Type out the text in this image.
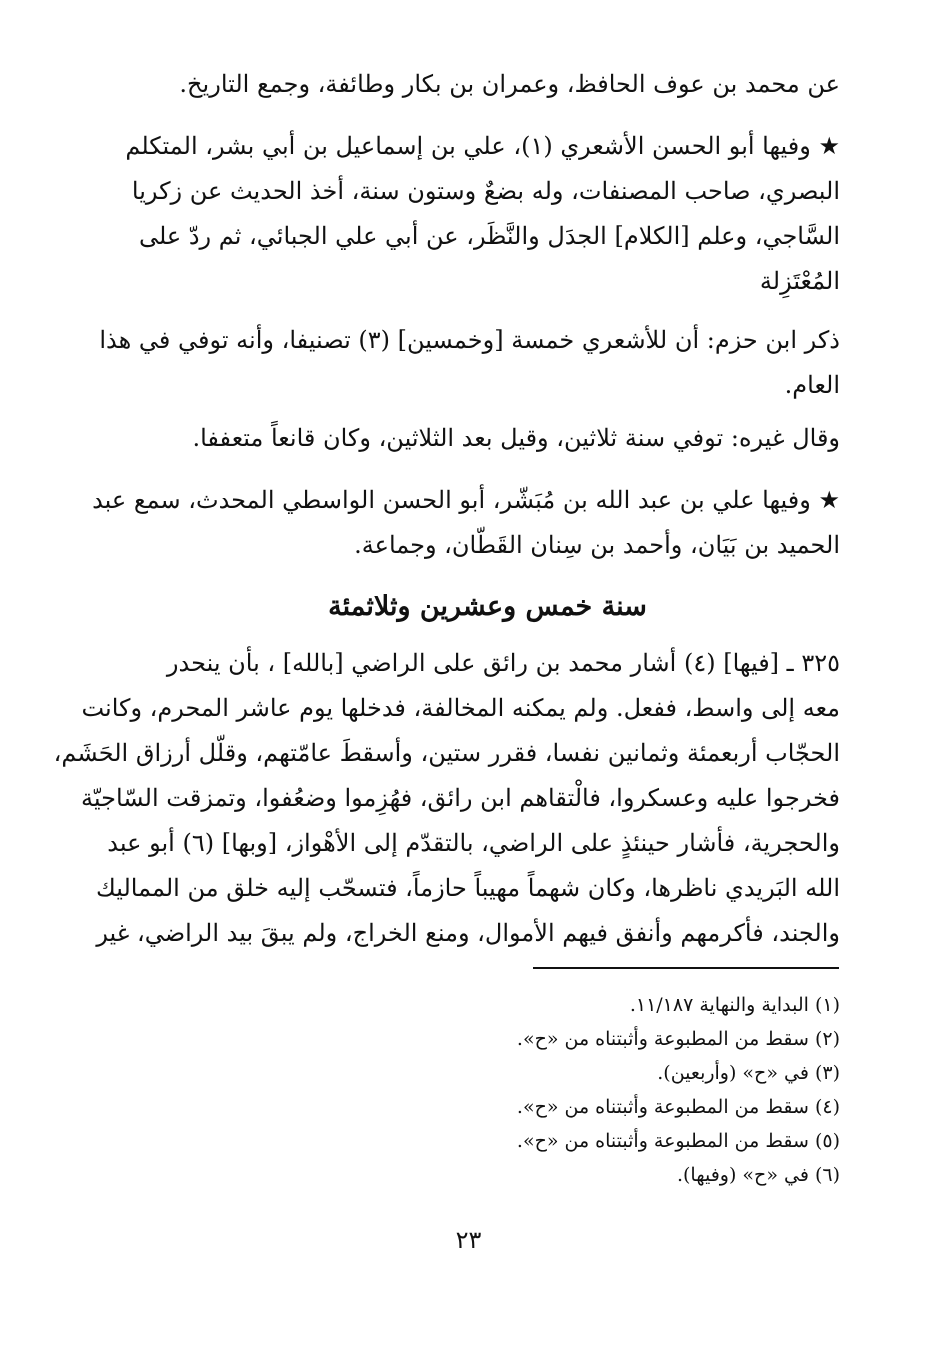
عن محمد بن عوف الحافظ، وعمران بن بكار وطائفة، وجمع التاريخ.
★ وفيها أبو الحسن الأشعري (١)، علي بن إسماعيل بن أبي بشر، المتكلم
البصري، صاحب المصنفات، وله بضعٌ وستون سنة، أخذ الحديث عن زكريا
السَّاجي، وعلم [الكلام] الجدَل والنَّظَر، عن أبي علي الجبائي، ثم ردّ على
المُعْتَزِلة
ذكر ابن حزم: أن للأشعري خمسة [وخمسين] (٣) تصنيفا، وأنه توفي في هذا
العام.
وقال غيره: توفي سنة ثلاثين، وقيل بعد الثلاثين، وكان قانعاً متعففا.
★ وفيها علي بن عبد الله بن مُبَشّر، أبو الحسن الواسطي المحدث، سمع عبد
الحميد بن بَيَان، وأحمد بن سِنان القَطّان، وجماعة.
سنة خمس وعشرين وثلاثمئة
٣٢٥ ـ [فيها] (٤) أشار محمد بن رائق على الراضي [بالله] ، بأن ينحدر
معه إلى واسط، ففعل. ولم يمكنه المخالفة، فدخلها يوم عاشر المحرم، وكانت
الحجّاب أربعمئة وثمانين نفسا، فقرر ستين، وأسقطَ عامّتهم، وقلّل أرزاق الحَشَم،
فخرجوا عليه وعسكروا، فالْتقاهم ابن رائق، فهُزِموا وضعُفوا، وتمزقت السّاجيّة
والحجرية، فأشار حينئذٍ على الراضي، بالتقدّم إلى الأهْواز، [وبها] (٦) أبو عبد
الله البَريدي ناظرها، وكان شهماً مهيباً حازماً، فتسحّب إليه خلق من المماليك
والجند، فأكرمهم وأنفق فيهم الأموال، ومنع الخراج، ولم يبقَ بيد الراضي، غير
(١) البداية والنهاية ١١/١٨٧.
(٢) سقط من المطبوعة وأثبتناه من «ح».
(٣) في «ح» (وأربعين).
(٤) سقط من المطبوعة وأثبتناه من «ح».
(٥) سقط من المطبوعة وأثبتناه من «ح».
(٦) في «ح» (وفيها).
٢٣
